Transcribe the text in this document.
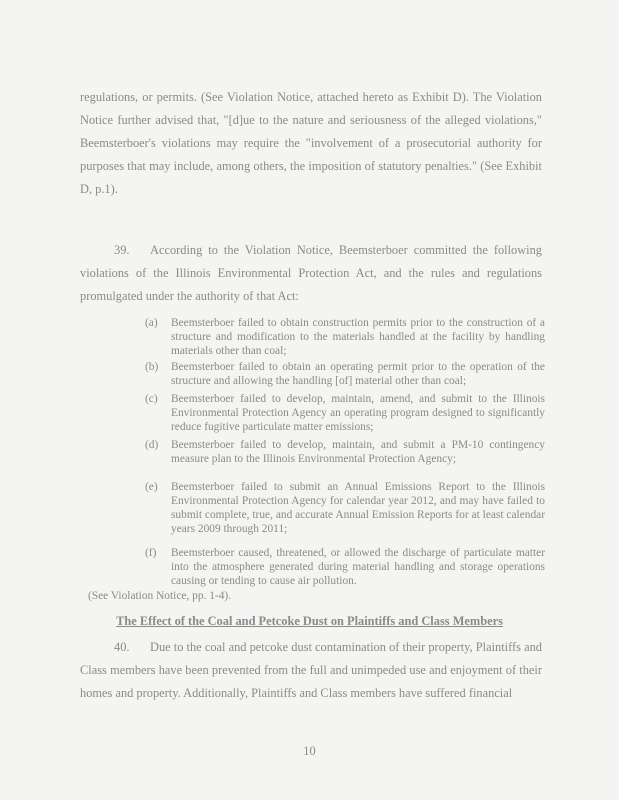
regulations, or permits. (See Violation Notice, attached hereto as Exhibit D). The Violation Notice further advised that, "[d]ue to the nature and seriousness of the alleged violations," Beemsterboer's violations may require the "involvement of a prosecutorial authority for purposes that may include, among others, the imposition of statutory penalties." (See Exhibit D, p.1).

39. According to the Violation Notice, Beemsterboer committed the following violations of the Illinois Environmental Protection Act, and the rules and regulations promulgated under the authority of that Act:

(a)	Beemsterboer failed to obtain construction permits prior to the construction of a structure and modification to the materials handled at the facility by handling materials other than coal;
(b)	Beemsterboer failed to obtain an operating permit prior to the operation of the structure and allowing the handling [of] material other than coal;
(c)	Beemsterboer failed to develop, maintain, amend, and submit to the Illinois Environmental Protection Agency an operating program designed to significantly reduce fugitive particulate matter emissions;
(d)	Beemsterboer failed to develop, maintain, and submit a PM-10 contingency measure plan to the Illinois Environmental Protection Agency;
(e)	Beemsterboer failed to submit an Annual Emissions Report to the Illinois Environmental Protection Agency for calendar year 2012, and may have failed to submit complete, true, and accurate Annual Emission Reports for at least calendar years 2009 through 2011;
(f)	Beemsterboer caused, threatened, or allowed the discharge of particulate matter into the atmosphere generated during material handling and storage operations causing or tending to cause air pollution.
(See Violation Notice, pp. 1-4).
The Effect of the Coal and Petcoke Dust on Plaintiffs and Class Members

40. Due to the coal and petcoke dust contamination of their property, Plaintiffs and Class members have been prevented from the full and unimpeded use and enjoyment of their homes and property. Additionally, Plaintiffs and Class members have suffered financial

10
